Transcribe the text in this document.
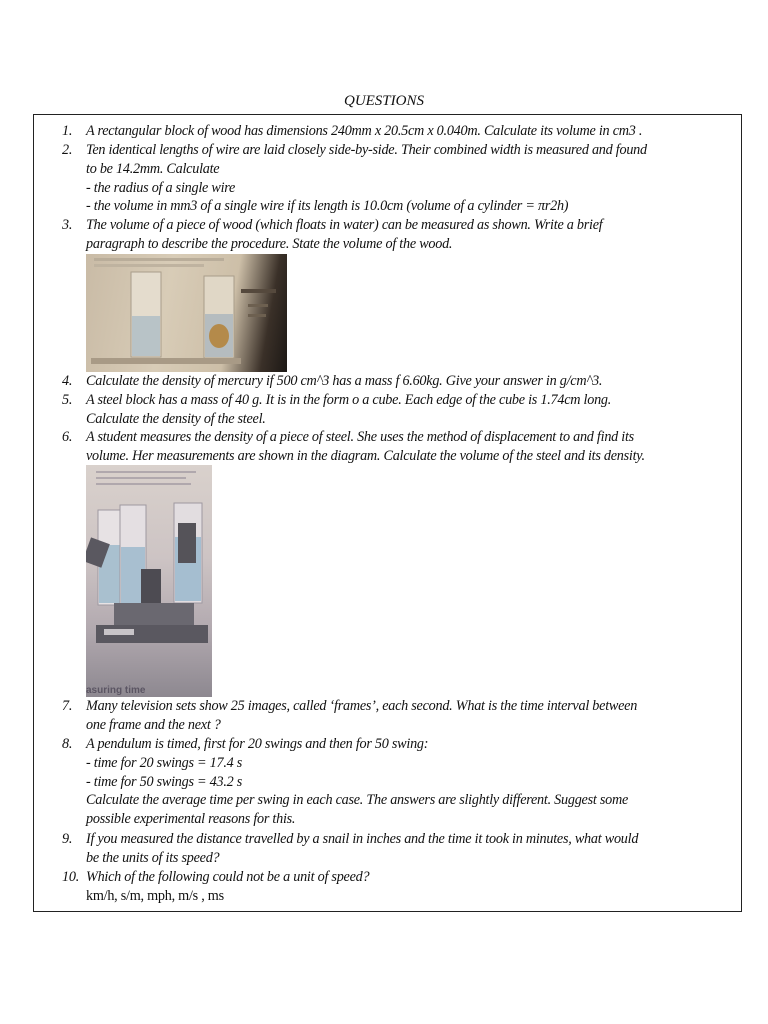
QUESTIONS
1. A rectangular block of wood has dimensions 240mm x 20.5cm x 0.040m. Calculate its volume in cm3 .
2. Ten identical lengths of wire are laid closely side-by-side. Their combined width is measured and found
to be 14.2mm. Calculate
- the radius of a single wire
- the volume in mm3 of a single wire if its length is 10.0cm (volume of a cylinder = πr2h)
3. The volume of a piece of wood (which floats in water) can be measured as shown. Write a brief
paragraph to describe the procedure. State the volume of the wood.
4. Calculate the density of mercury if 500 cm^3 has a mass f 6.60kg. Give your answer in g/cm^3.
5. A steel block has a mass of 40 g. It is in the form o a cube. Each edge of the cube is 1.74cm long.
Calculate the density of the steel.
6. A student measures the density of a piece of steel. She uses the method of displacement to and find its
volume. Her measurements are shown in the diagram. Calculate the volume of the steel and its density.
asuring time
7. Many television sets show 25 images, called ‘frames’, each second. What is the time interval between
one frame and the next ?
8. A pendulum is timed, first for 20 swings and then for 50 swing:
- time for 20 swings = 17.4 s
- time for 50 swings = 43.2 s
Calculate the average time per swing in each case. The answers are slightly different. Suggest some
possible experimental reasons for this.
9. If you measured the distance travelled by a snail in inches and the time it took in minutes, what would
be the units of its speed?
10. Which of the following could not be a unit of speed?
km/h, s/m, mph, m/s , ms
